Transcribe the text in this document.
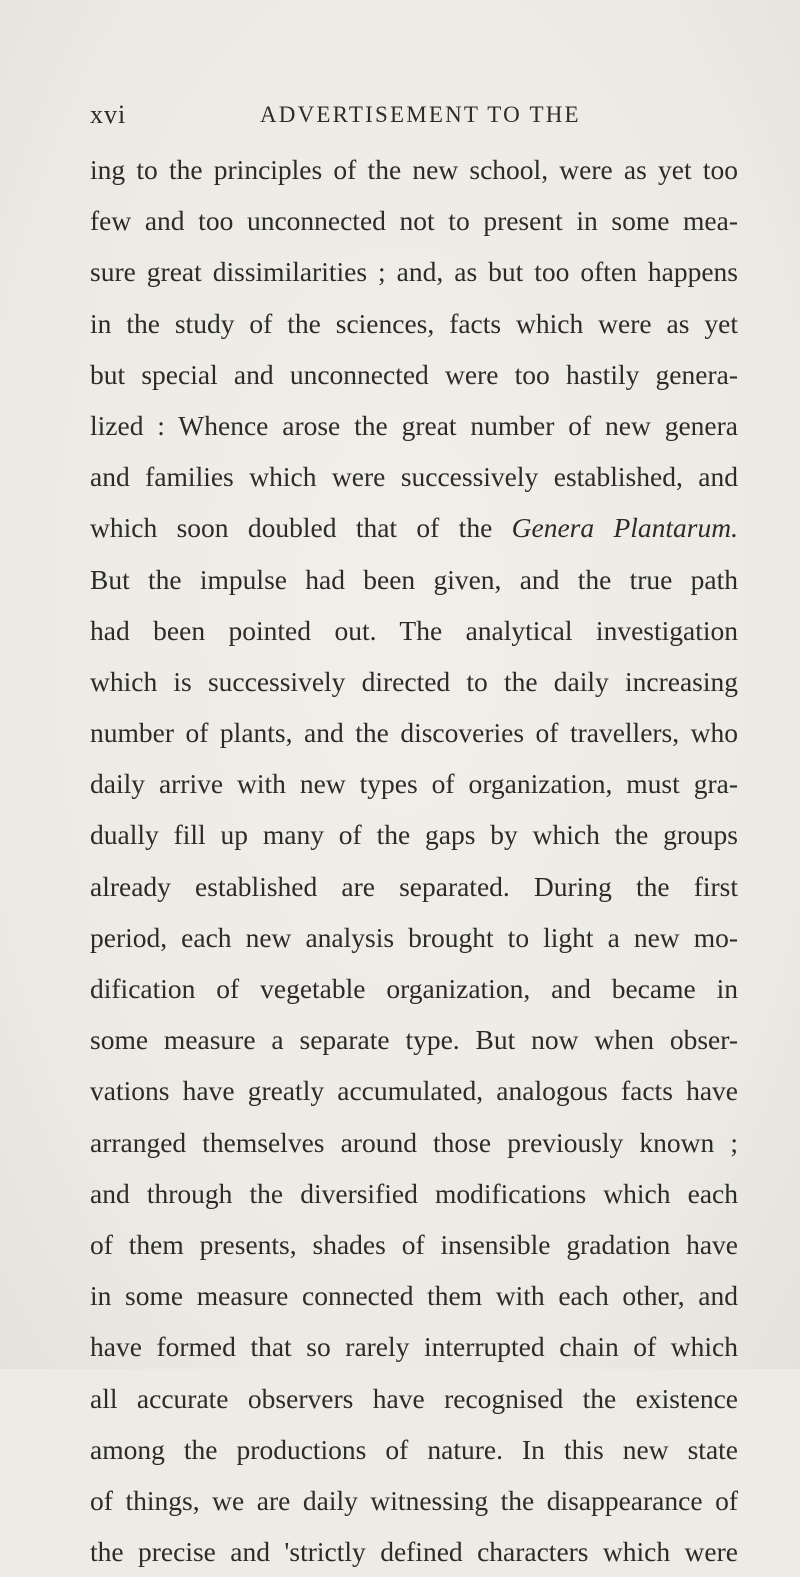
xvi	ADVERTISEMENT TO THE
ing to the principles of the new school, were as yet too
few and too unconnected not to present in some mea-
sure great dissimilarities ; and, as but too often happens
in the study of the sciences, facts which were as yet
but special and unconnected were too hastily genera-
lized : Whence arose the great number of new genera
and families which were successively established, and
which soon doubled that of the Genera Plantarum.
But the impulse had been given, and the true path
had been pointed out. The analytical investigation
which is successively directed to the daily increasing
number of plants, and the discoveries of travellers, who
daily arrive with new types of organization, must gra-
dually fill up many of the gaps by which the groups
already established are separated. During the first
period, each new analysis brought to light a new mo-
dification of vegetable organization, and became in
some measure a separate type. But now when obser-
vations have greatly accumulated, analogous facts have
arranged themselves around those previously known ;
and through the diversified modifications which each
of them presents, shades of insensible gradation have
in some measure connected them with each other, and
have formed that so rarely interrupted chain of which
all accurate observers have recognised the existence
among the productions of nature. In this new state
of things, we are daily witnessing the disappearance of
the precise and 'strictly defined characters which were
